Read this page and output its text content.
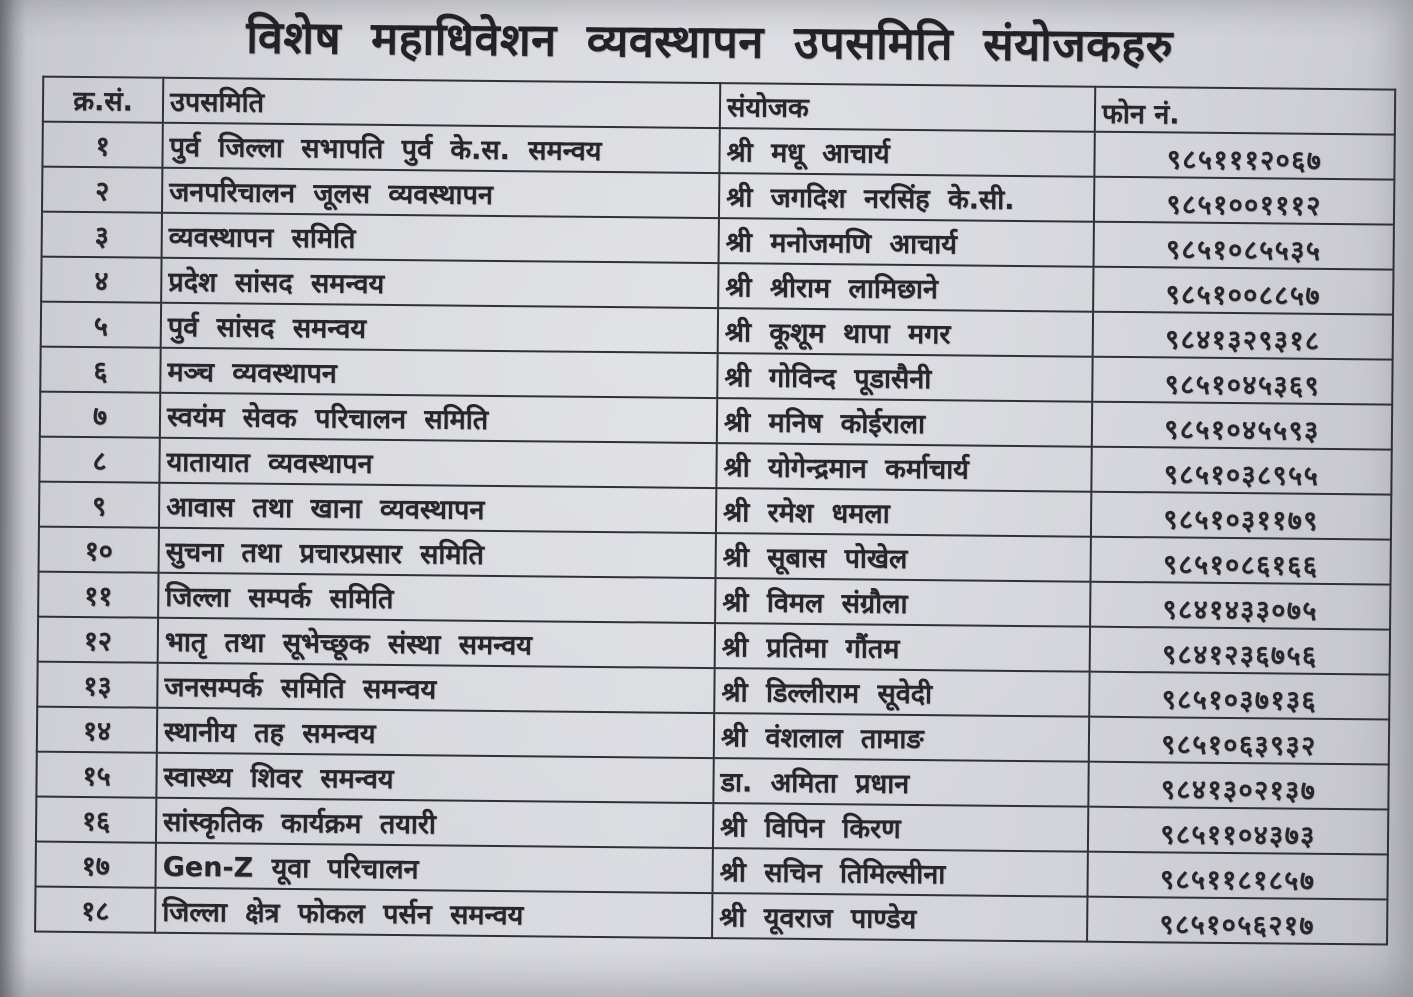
विशेष महाधिवेशन व्यवस्थापन उपसमिति संयोजकहरु
क्र.सं.	उपसमिति	संयोजक	फोन नं.
१	पुर्व जिल्ला सभापति पुर्व के.स. समन्वय	श्री मधू आचार्य	९८५१११२०६७
२	जनपरिचालन जूलस व्यवस्थापन	श्री जगदिश नरसिंह के.सी.	९८५१००१११२
३	व्यवस्थापन समिति	श्री मनोजमणि आचार्य	९८५१०८५५३५
४	प्रदेश सांसद समन्वय	श्री श्रीराम लामिछाने	९८५१००८८५७
५	पुर्व सांसद समन्वय	श्री कूशूम थापा मगर	९८४१३२९३१८
६	मञ्च व्यवस्थापन	श्री गोविन्द पूडासैनी	९८५१०४५३६९
७	स्वयंम सेवक परिचालन समिति	श्री मनिष कोईराला	९८५१०४५५९३
८	यातायात व्यवस्थापन	श्री योगेन्द्रमान कर्माचार्य	९८५१०३८९५५
९	आवास तथा खाना व्यवस्थापन	श्री रमेश धमला	९८५१०३११७९
१०	सुचना तथा प्रचारप्रसार समिति	श्री सूबास पोखेल	९८५१०८६१६६
११	जिल्ला सम्पर्क समिति	श्री विमल संग्रौला	९८४१४३३०७५
१२	भातृ तथा सूभेच्छूक संस्था समन्वय	श्री प्रतिमा गौंतम	९८४१२३६७५६
१३	जनसम्पर्क समिति समन्वय	श्री डिल्लीराम सूवेदी	९८५१०३७१३६
१४	स्थानीय तह समन्वय	श्री वंशलाल तामाङ	९८५१०६३९३२
१५	स्वास्थ्य शिवर समन्वय	डा. अमिता प्रधान	९८४१३०२१३७
१६	सांस्कृतिक कार्यक्रम तयारी	श्री विपिन किरण	९८५११०४३७३
१७	Gen-Z यूवा परिचालन	श्री सचिन तिमिल्सीना	९८५११८१८५७
१८	जिल्ला क्षेत्र फोकल पर्सन समन्वय	श्री यूवराज पाण्डेय	९८५१०५६२१७
